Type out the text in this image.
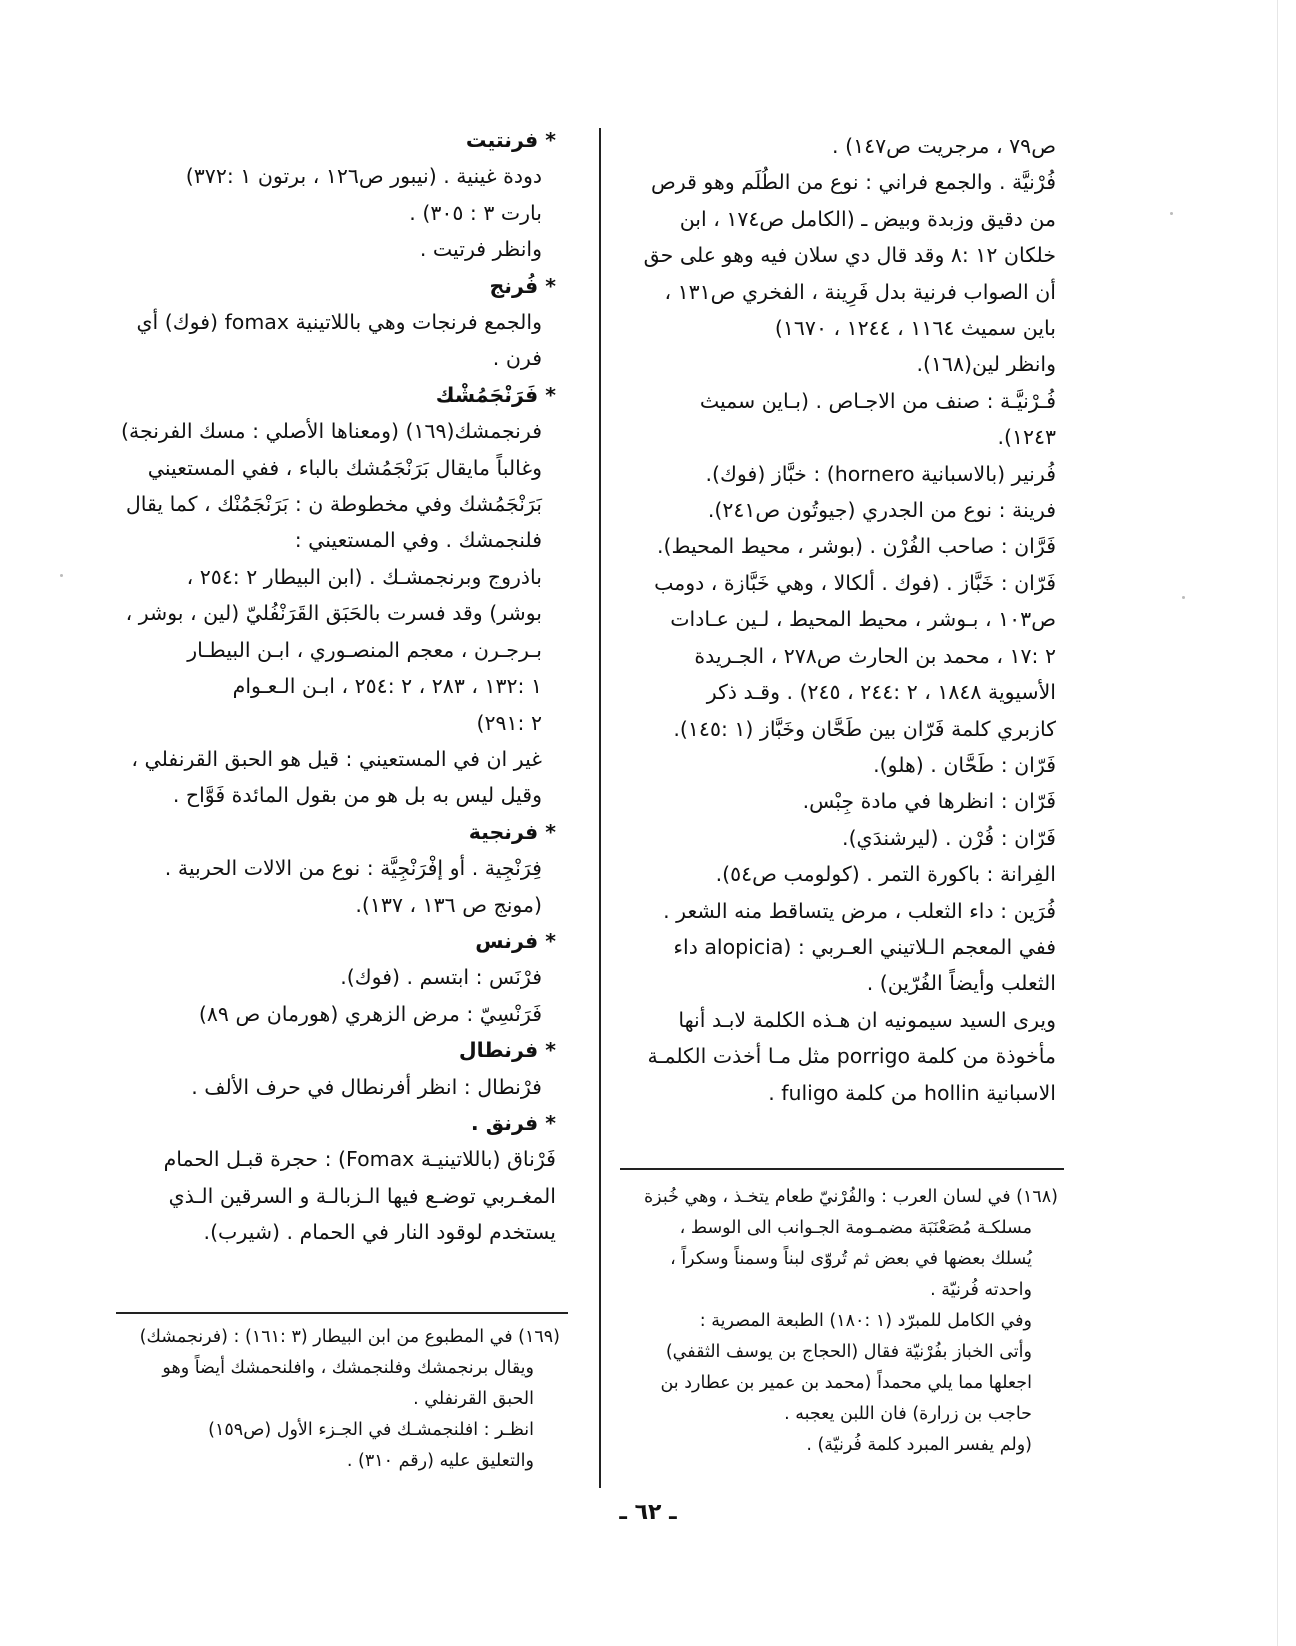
ص٧٩ ، مرجريت ص١٤٧) .

فُرْنيَّة . والجمع فراني : نوع من الطُلَم وهو قرص

من دقيق وزبدة وبيض ـ (الكامل ص١٧٤ ، ابن

خلكان ١٢ :٨ وقد قال دي سلان فيه وهو على حق

أن الصواب فرنية بدل فَرِينة ، الفخري ص١٣١ ،

باين سميث ١١٦٤ ، ١٢٤٤ ، ١٦٧٠)

وانظر لين(١٦٨).

فُـرْنيَّـة : صنف من الاجـاص . (بـاين سميث

١٢٤٣).

فُرنير (بالاسبانية hornero) : خبَّاز (فوك).

فرينة : نوع من الجدري (جيوتُون ص٢٤١).

فَرَّان : صاحب الفُرْن . (بوشر ، محيط المحيط).

فَرّان : خَبَّاز . (فوك . ألكالا ، وهي خَبَّازة ، دومب

ص١٠٣ ، بـوشر ، محيط المحيط ، لـين عـادات

٢ :١٧ ، محمد بن الحارث ص٢٧٨ ، الجـريدة

الأسيوية ١٨٤٨ ، ٢ :٢٤٤ ، ٢٤٥) . وقـد ذكر

كازبري كلمة فَرّان بين طَحَّان وخَبَّاز (١ :١٤٥).

فَرّان : طَحَّان . (هلو).

فَرّان : انظرها في مادة جِبْس.

فَرّان : فُرْن . (ليرشندَي).

الفِرانة : باكورة التمر . (كولومب ص٥٤).

فُرَين : داء الثعلب ، مرض يتساقط منه الشعر .

ففي المعجم الـلاتيني العـربي : (alopicia داء

الثعلب وأيضاً الفُرّين) .

ويرى السيد سيمونيه ان هـذه الكلمة لابـد أنها

مأخوذة من كلمة porrigo مثل مـا أخذت الكلمـة

الاسبانية hollin من كلمة fuligo .

* فرنتيت

دودة غينية . (نيبور ص١٢٦ ، برتون ١ :٣٧٢)

بارت ٣ : ٣٠٥) .

وانظر فرتيت .

* فُرنج

والجمع فرنجات وهي باللاتينية fomax (فوك) أي

فرن .

* فَرَنْجَمُشْك

فرنجمشك(١٦٩) (ومعناها الأصلي : مسك الفرنجة)

وغالباً مايقال بَرَنْجَمُشك بالباء ، ففي المستعيني

بَرَنْجَمُشك وفي مخطوطة ن : بَرَنْجَمُنْك ، كما يقال

فلنجمشك . وفي المستعيني :

باذروج وبرنجمشـك . (ابن البيطار ٢ :٢٥٤ ،

بوشر) وقد فسرت بالحَبَق القَرَنْفُليّ (لين ، بوشر ،

بـرجـرن ، معجم المنصـوري ، ابـن البيطـار

١ :١٣٢ ، ٢٨٣ ، ٢ :٢٥٤ ، ابـن الـعـوام

٢ :٢٩١)

غير ان في المستعيني : قيل هو الحبق القرنفلي ،

وقيل ليس به بل هو من بقول المائدة فَوَّاح .

* فرنجية

فِرَنْجِية . أو إفْرَنْجِيَّة : نوع من الالات الحربية .

(مونج ص ١٣٦ ، ١٣٧).

* فرنس

فرْنَس : ابتسم . (فوك).

فَرَنْسِيّ : مرض الزهري (هورمان ص ٨٩)

* فرنطال

فرْنطال : انظر أفرنطال في حرف الألف .

* فرنق .

فَرْناق (باللاتينيـة Fomax) : حجرة قبـل الحمام

المغـربي توضـع فيها الـزبالـة و السرقين الـذي

يستخدم لوقود النار في الحمام . (شيرب).

(١٦٨) في لسان العرب : والفُرْنيّ طعام يتخـذ ، وهي خُبزة

مسلكـة مُصَعْنَبَة مضمـومة الجـوانب الى الوسط ،

يُسلك بعضها في بعض ثم تُروّى لبناً وسمناً وسكراً ،

واحدته فُرنيّة .

وفي الكامل للمبرّد (١ :١٨٠) الطبعة المصرية :

وأتى الخباز بفُرْنيّة فقال (الحجاج بن يوسف الثقفي)

اجعلها مما يلي محمداً (محمد بن عمير بن عطارد بن

حاجب بن زرارة) فان اللبن يعجبه .

(ولم يفسر المبرد كلمة فُرنيّة) .

(١٦٩) في المطبوع من ابن البيطار (٣ :١٦١) : (فرنجمشك)

ويقال برنجمشك وفلنجمشك ، وافلنحمشك أيضاً وهو

الحبق القرنفلي .

انظـر : افلنجمشـك في الجـزء الأول (ص١٥٩)

والتعليق عليه (رقم ٣١٠) .

ـ ٦٢ ـ
